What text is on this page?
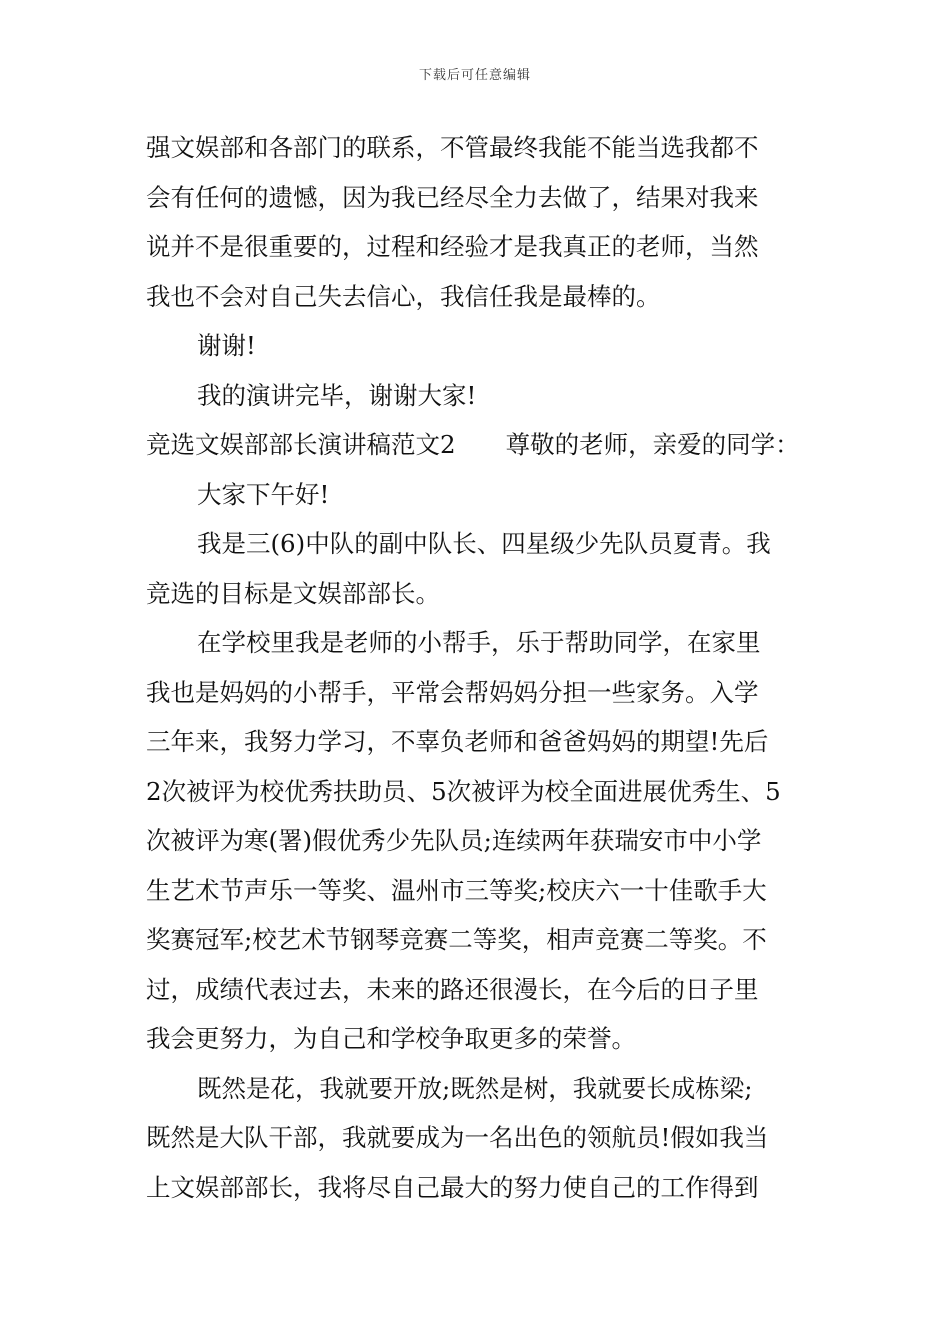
下载后可任意编辑
强文娱部和各部门的联系，不管最终我能不能当选我都不
会有任何的遗憾，因为我已经尽全力去做了，结果对我来
说并不是很重要的，过程和经验才是我真正的老师，当然
我也不会对自己失去信心，我信任我是最棒的。
谢谢!
我的演讲完毕，谢谢大家!
竞选文娱部部长演讲稿范文2 尊敬的老师，亲爱的同学：
大家下午好!
我是三(6)中队的副中队长、四星级少先队员夏青。我
竞选的目标是文娱部部长。
在学校里我是老师的小帮手，乐于帮助同学，在家里
我也是妈妈的小帮手，平常会帮妈妈分担一些家务。入学
三年来，我努力学习，不辜负老师和爸爸妈妈的期望!先后
2次被评为校优秀扶助员、5次被评为校全面进展优秀生、5
次被评为寒(署)假优秀少先队员;连续两年获瑞安市中小学
生艺术节声乐一等奖、温州市三等奖;校庆六一十佳歌手大
奖赛冠军;校艺术节钢琴竞赛二等奖，相声竞赛二等奖。不
过，成绩代表过去，未来的路还很漫长，在今后的日子里
我会更努力，为自己和学校争取更多的荣誉。
既然是花，我就要开放;既然是树，我就要长成栋梁;
既然是大队干部，我就要成为一名出色的领航员!假如我当
上文娱部部长，我将尽自己最大的努力使自己的工作得到
